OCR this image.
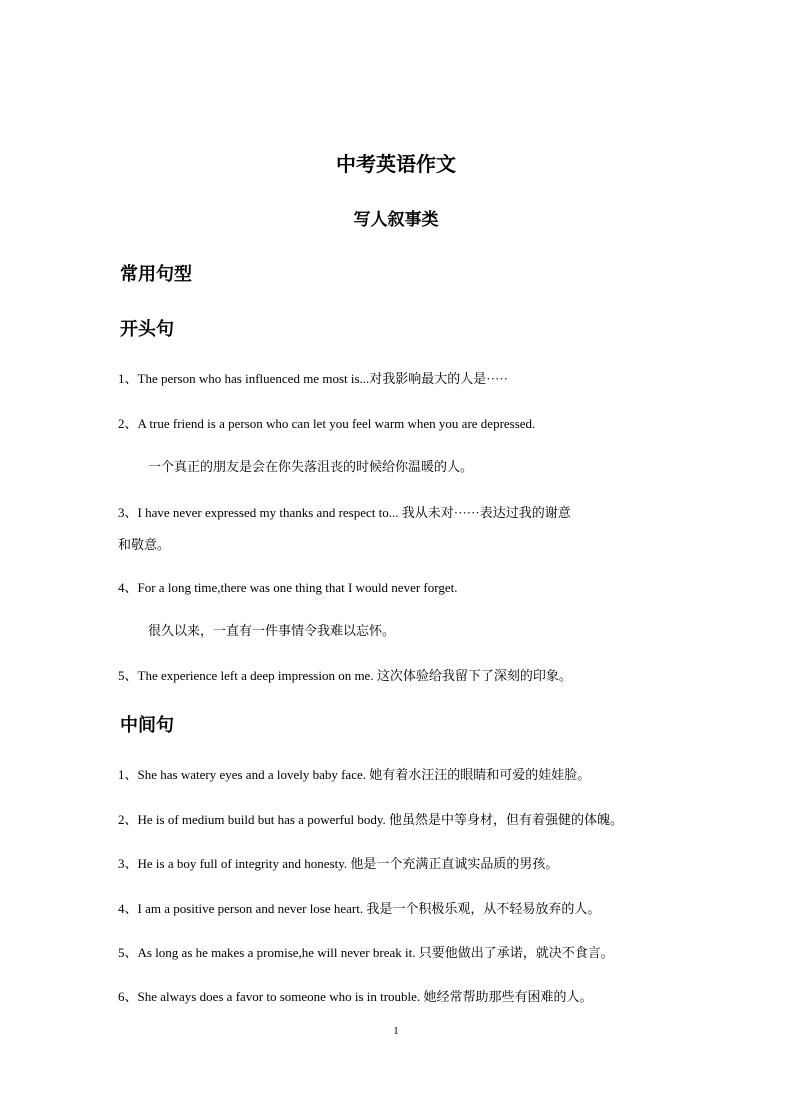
中考英语作文
写人叙事类
常用句型
开头句
1、The person who has influenced me most is...对我影响最大的人是·····
2、A true friend is a person who can let you feel warm when you are depressed.
一个真正的朋友是会在你失落沮丧的时候给你温暖的人。
3、I have never expressed my thanks and respect to... 我从未对······表达过我的谢意
和敬意。
4、For a long time,there was one thing that I would never forget.
很久以来，一直有一件事情令我难以忘怀。
5、The experience left a deep impression on me. 这次体验给我留下了深刻的印象。
中间句
1、She has watery eyes and a lovely baby face. 她有着水汪汪的眼睛和可爱的娃娃脸。
2、He is of medium build but has a powerful body. 他虽然是中等身材，但有着强健的体魄。
3、He is a boy full of integrity and honesty. 他是一个充满正直诚实品质的男孩。
4、I am a positive person and never lose heart. 我是一个积极乐观，从不轻易放弃的人。
5、As long as he makes a promise,he will never break it. 只要他做出了承诺，就决不食言。
6、She always does a favor to someone who is in trouble. 她经常帮助那些有困难的人。
1
